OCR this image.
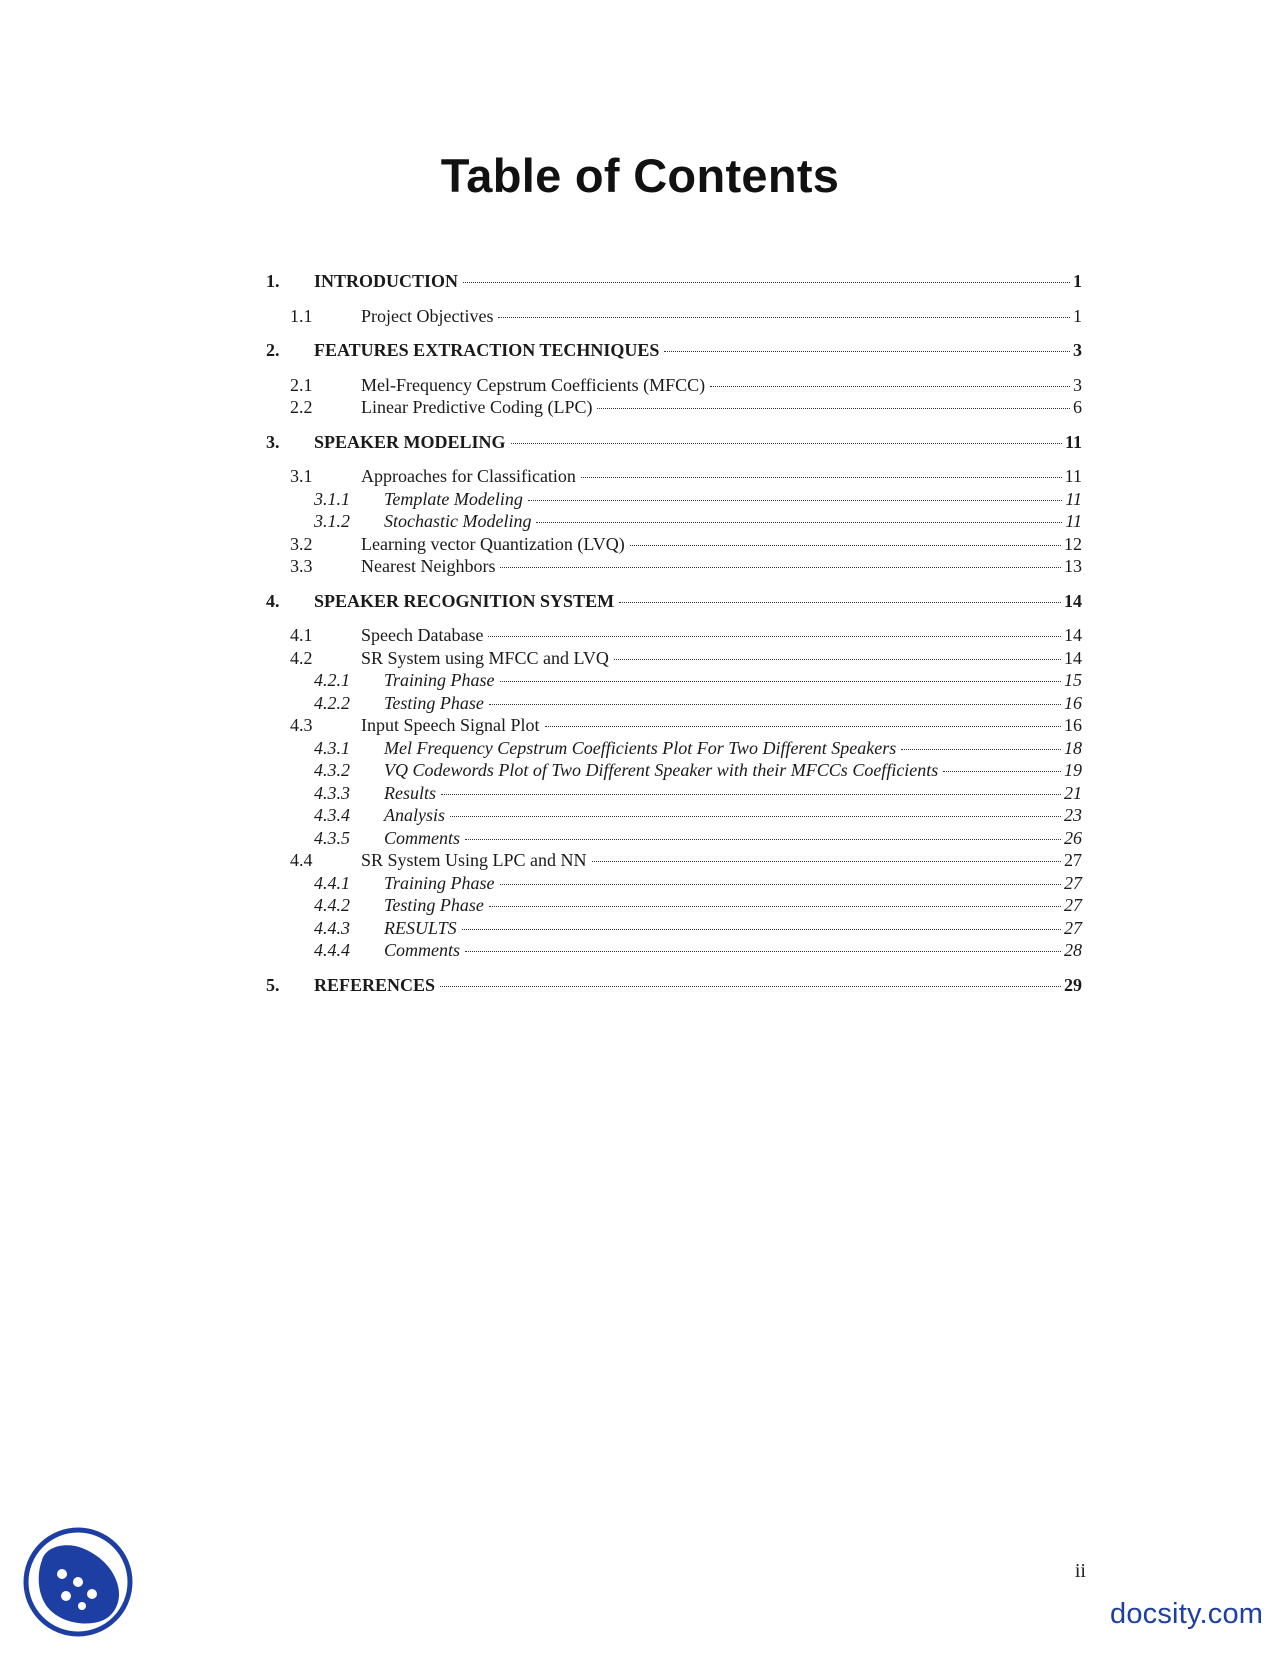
Table of Contents
1.	INTRODUCTION	1
1.1	Project Objectives	1
2.	FEATURES EXTRACTION TECHNIQUES	3
2.1	Mel-Frequency Cepstrum Coefficients (MFCC)	3
2.2	Linear Predictive Coding (LPC)	6
3.	SPEAKER MODELING	11
3.1	Approaches for Classification	11
3.1.1	Template Modeling	11
3.1.2	Stochastic Modeling	11
3.2	Learning vector Quantization (LVQ)	12
3.3	Nearest Neighbors	13
4.	SPEAKER RECOGNITION SYSTEM	14
4.1	Speech Database	14
4.2	SR System using MFCC and LVQ	14
4.2.1	Training Phase	15
4.2.2	Testing Phase	16
4.3	Input Speech Signal Plot	16
4.3.1	Mel Frequency Cepstrum Coefficients Plot For Two Different Speakers	18
4.3.2	VQ Codewords Plot of Two Different Speaker with their MFCCs Coefficients	19
4.3.3	Results	21
4.3.4	Analysis	23
4.3.5	Comments	26
4.4	SR System Using LPC and NN	27
4.4.1	Training Phase	27
4.4.2	Testing Phase	27
4.4.3	RESULTS	27
4.4.4	Comments	28
5.	REFERENCES	29
ii
docsity.com
